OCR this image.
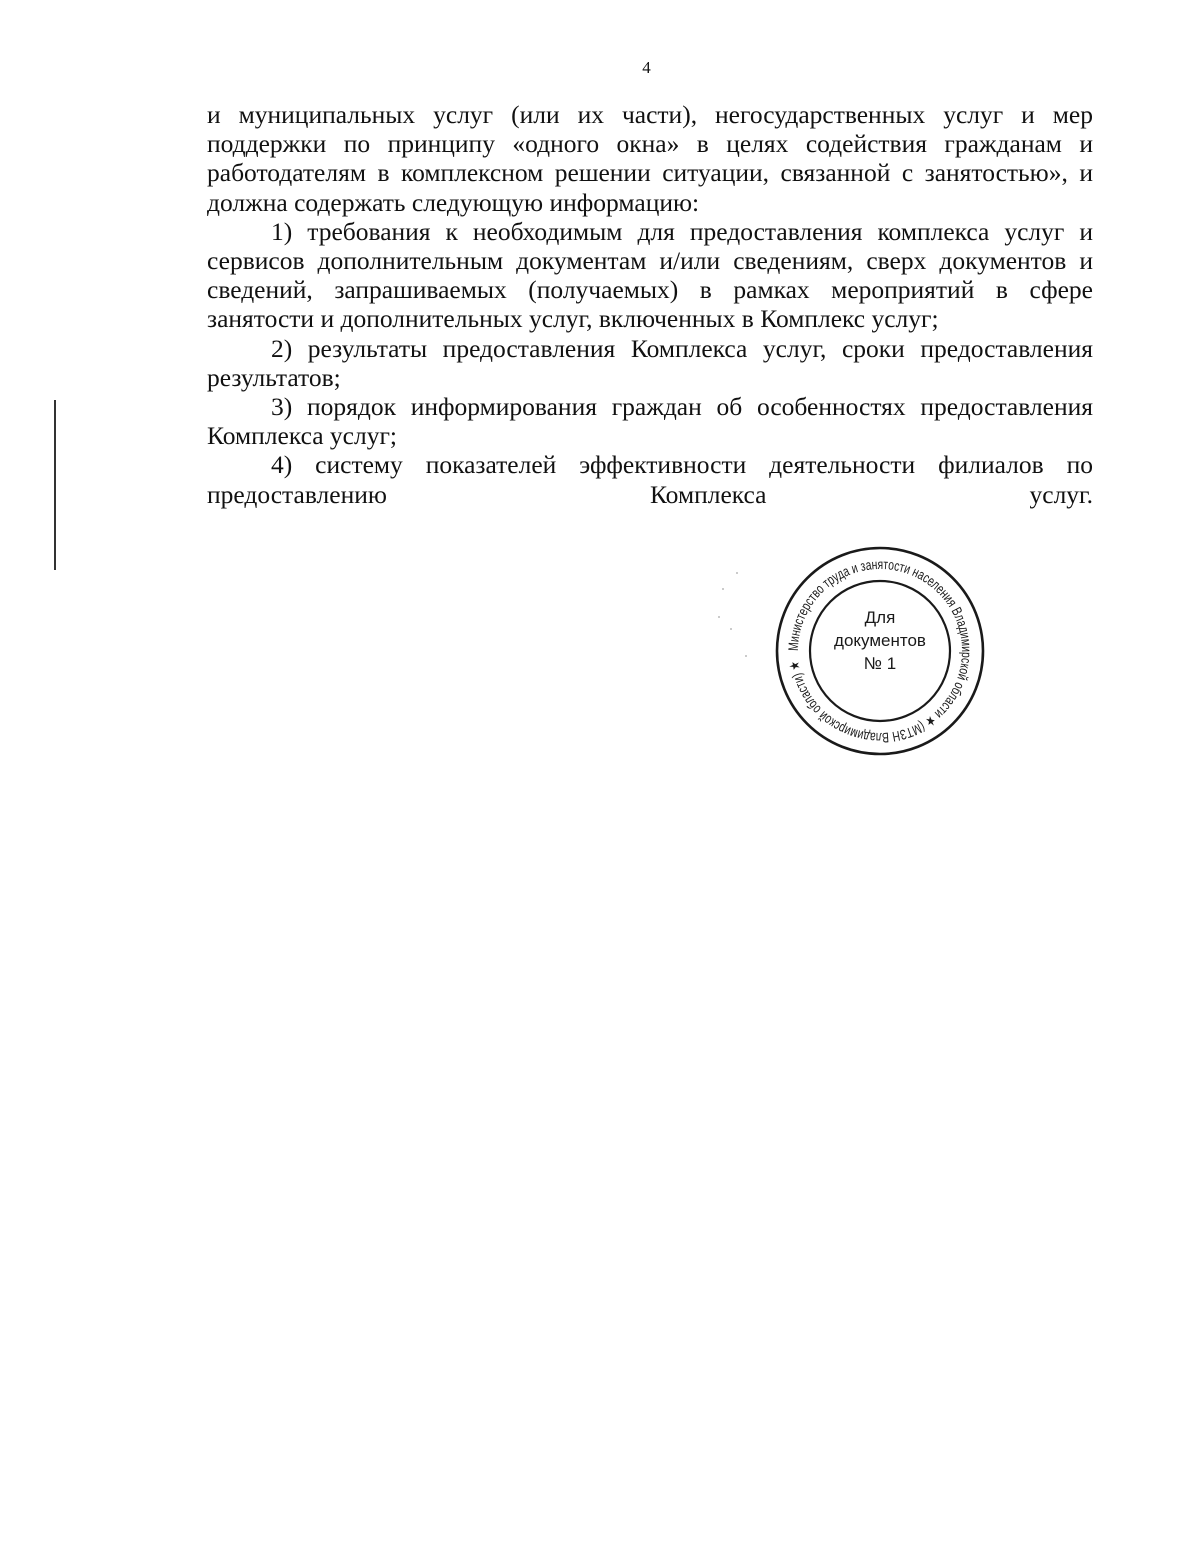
4

и муниципальных услуг (или их части), негосударственных услуг и мер поддержки по принципу «одного окна» в целях содействия гражданам и работодателям в комплексном решении ситуации, связанной с занятостью», и должна содержать следующую информацию:

1) требования к необходимым для предоставления комплекса услуг и сервисов дополнительным документам и/или сведениям, сверх документов и сведений, запрашиваемых (получаемых) в рамках мероприятий в сфере занятости и дополнительных услуг, включенных в Комплекс услуг;

2) результаты предоставления Комплекса услуг, сроки предоставления результатов;

3) порядок информирования граждан об особенностях предоставления Комплекса услуг;

4) систему показателей эффективности деятельности филиалов по предоставлению Комплекса услуг.

Министерство труда и занятости населения Владимирской области ★ (МТЗН Владимирской области) ★
Для
документов
№ 1
